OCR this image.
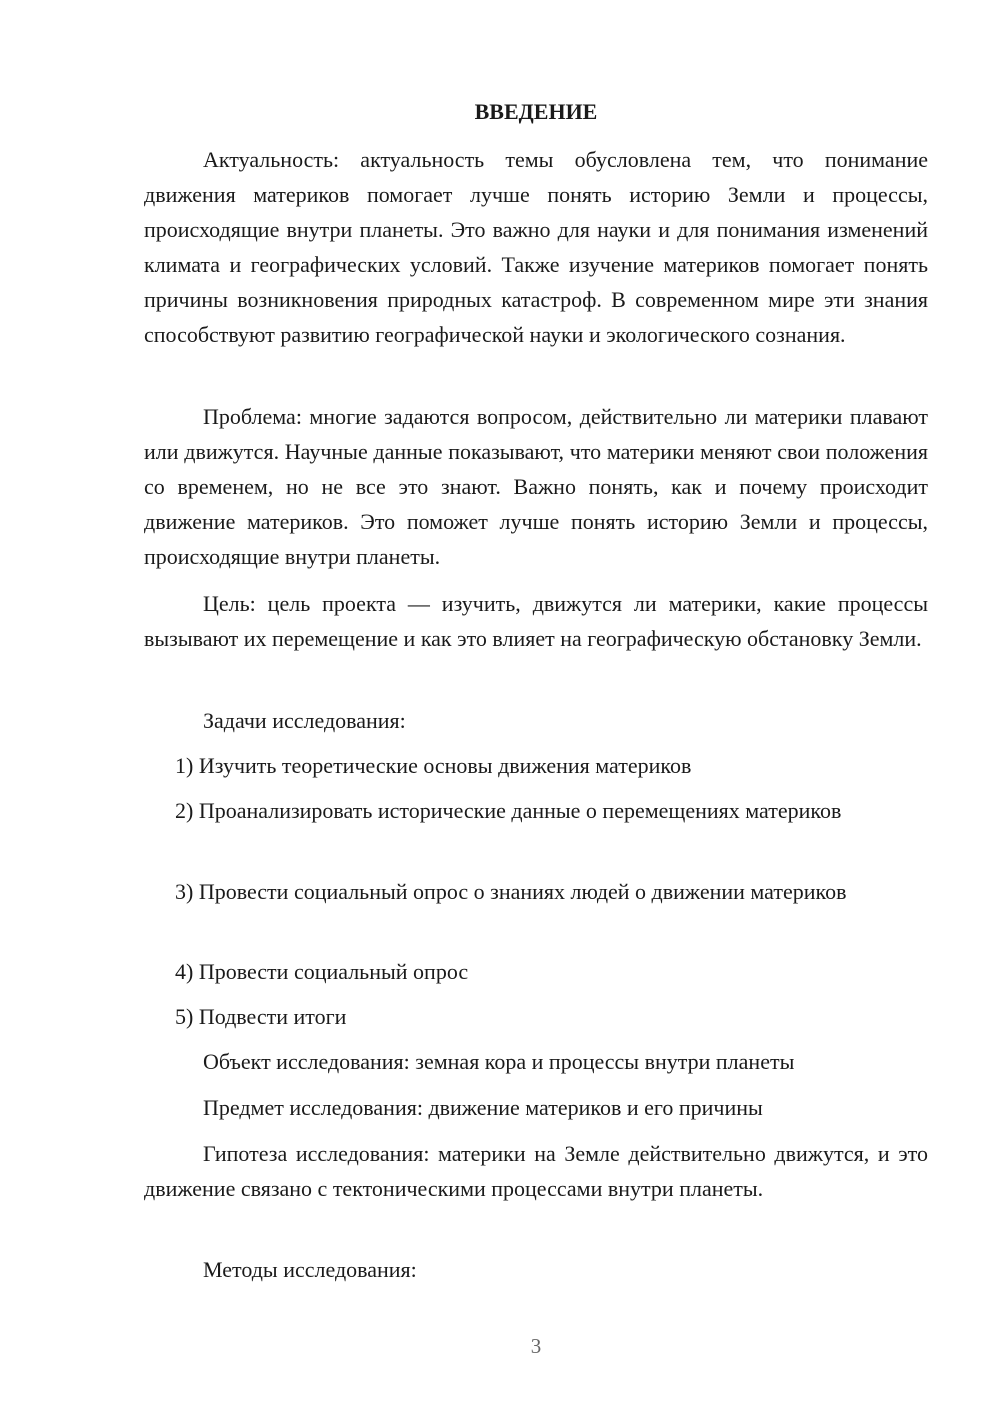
ВВЕДЕНИЕ
Актуальность: актуальность темы обусловлена тем, что понимание движения материков помогает лучше понять историю Земли и процессы, происходящие внутри планеты. Это важно для науки и для понимания изменений климата и географических условий. Также изучение материков помогает понять причины возникновения природных катастроф. В современном мире эти знания способствуют развитию географической науки и экологического сознания.
Проблема: многие задаются вопросом, действительно ли материки плавают или движутся. Научные данные показывают, что материки меняют свои положения со временем, но не все это знают. Важно понять, как и почему происходит движение материков. Это поможет лучше понять историю Земли и процессы, происходящие внутри планеты.
Цель: цель проекта — изучить, движутся ли материки, какие процессы вызывают их перемещение и как это влияет на географическую обстановку Земли.
Задачи исследования:
1) Изучить теоретические основы движения материков
2) Проанализировать исторические данные о перемещениях материков
3) Провести социальный опрос о знаниях людей о движении материков
4) Провести социальный опрос
5) Подвести итоги
Объект исследования: земная кора и процессы внутри планеты
Предмет исследования: движение материков и его причины
Гипотеза исследования: материки на Земле действительно движутся, и это движение связано с тектоническими процессами внутри планеты.
Методы исследования:
3
